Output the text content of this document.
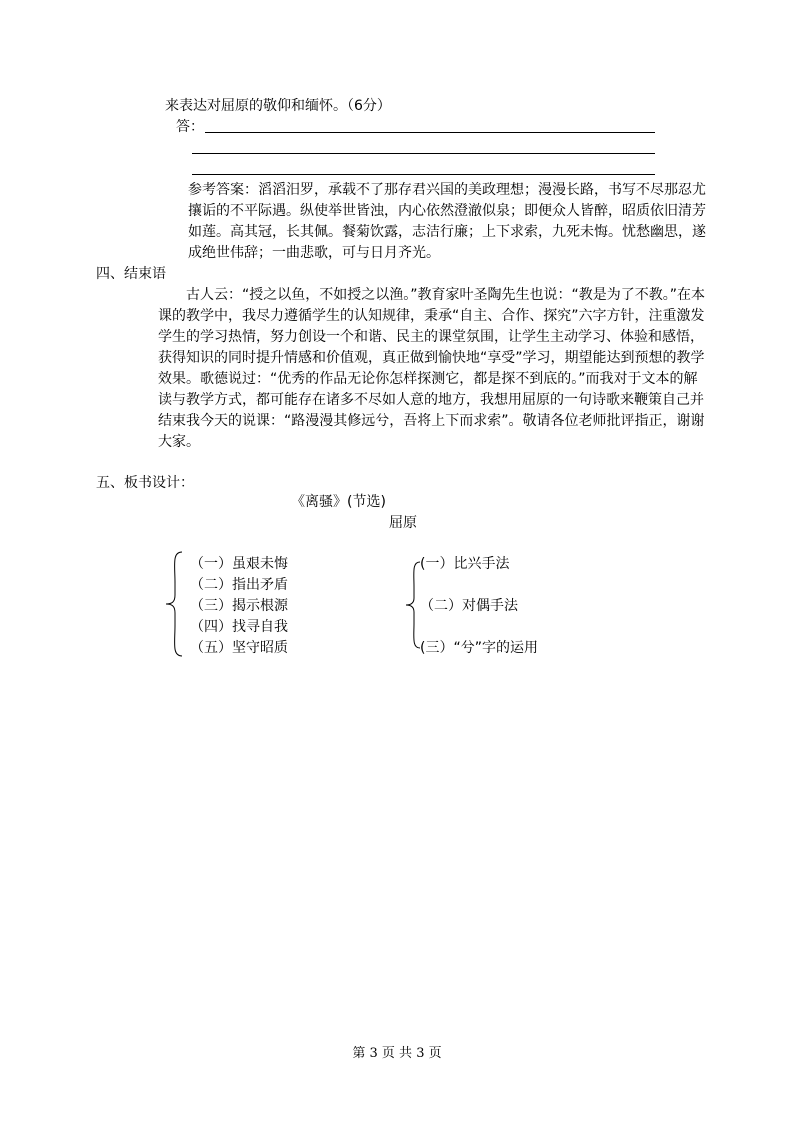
来表达对屈原的敬仰和缅怀。（6分）
答：
参考答案：滔滔汨罗，承载不了那存君兴国的美政理想；漫漫长路，书写不尽那忍尤攘诟的不平际遇。纵使举世皆浊，内心依然澄澈似泉；即便众人皆醉，昭质依旧清芳如莲。高其冠，长其佩。餐菊饮露，志洁行廉；上下求索，九死未悔。忧愁幽思，遂成绝世伟辞；一曲悲歌，可与日月齐光。
四、结束语
古人云：“授之以鱼，不如授之以渔。”教育家叶圣陶先生也说：“教是为了不教。”在本课的教学中，我尽力遵循学生的认知规律，秉承“自主、合作、探究”六字方针，注重激发学生的学习热情，努力创设一个和谐、民主的课堂氛围，让学生主动学习、体验和感悟，获得知识的同时提升情感和价值观，真正做到愉快地“享受”学习，期望能达到预想的教学效果。歌德说过：“优秀的作品无论你怎样探测它，都是探不到底的。”而我对于文本的解读与教学方式，都可能存在诸多不尽如人意的地方，我想用屈原的一句诗歌来鞭策自己并结束我今天的说课：“路漫漫其修远兮，吾将上下而求索”。敬请各位老师批评指正，谢谢大家。
五、板书设计：
《离骚》(节选)
屈原
（一）虽艰未悔
（二）指出矛盾
（三）揭示根源
（四）找寻自我
（五）坚守昭质
(一）比兴手法
（二）对偶手法
(三）“兮”字的运用
第 3 页 共 3 页
